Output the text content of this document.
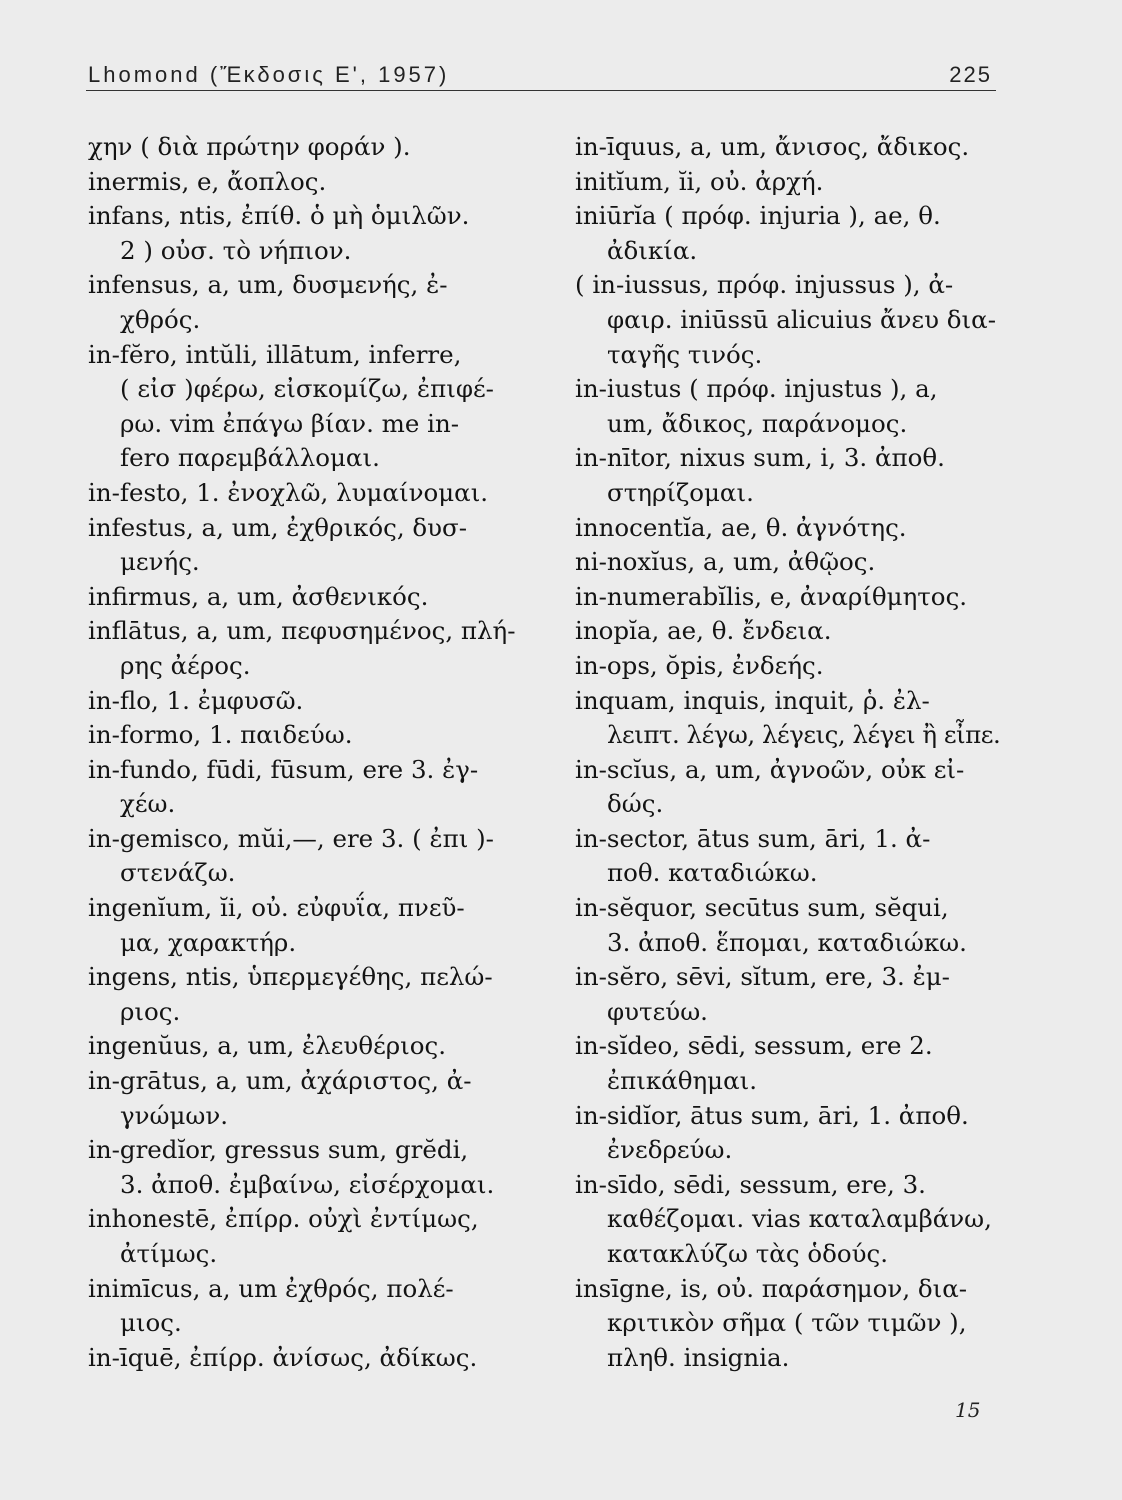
Lhomond (Ἔκδοσις Ε', 1957)	225
χην ( διὰ πρώτην φοράν ).
inermis, e, ἄοπλος.
infans, ntis, ἐπίθ. ὁ μὴ ὁμιλῶν.
2 ) οὐσ. τὸ νήπιον.
infensus, a, um, δυσμενής, ἐ-
χθρός.
in-fĕro, intŭli, illātum, inferre,
( εἰσ )φέρω, εἰσκομίζω, ἐπιφέ-
ρω. vim ἐπάγω βίαν. me in-
fero παρεμβάλλομαι.
in-festo, 1. ἐνοχλῶ, λυμαίνομαι.
infestus, a, um, ἐχθρικός, δυσ-
μενής.
infirmus, a, um, ἀσθενικός.
inflātus, a, um, πεφυσημένος, πλή-
ρης ἀέρος.
in-flo, 1. ἐμφυσῶ.
in-formo, 1. παιδεύω.
in-fundo, fūdi, fūsum, ere 3. ἐγ-
χέω.
in-gemisco, mŭi,—, ere 3. ( ἐπι )-
στενάζω.
ingenĭum, ĭi, οὐ. εὐφυΐα, πνεῦ-
μα, χαρακτήρ.
ingens, ntis, ὑπερμεγέθης, πελώ-
ριος.
ingenŭus, a, um, ἐλευθέριος.
in-grātus, a, um, ἀχάριστος, ἀ-
γνώμων.
in-gredĭor, gressus sum, grĕdi,
3. ἀποθ. ἐμβαίνω, εἰσέρχομαι.
inhonestē, ἐπίρρ. οὐχὶ ἐντίμως,
ἀτίμως.
inimīcus, a, um ἐχθρός, πολέ-
μιος.
in-īquē, ἐπίρρ. ἀνίσως, ἀδίκως.
in-īquus, a, um, ἄνισος, ἄδικος.
initĭum, ĭi, οὐ. ἀρχή.
iniūrĭa ( πρόφ. injuria ), ae, θ.
ἀδικία.
( in-iussus, πρόφ. injussus ), ἀ-
φαιρ. iniūssū alicuius ἄνευ δια-
ταγῆς τινός.
in-iustus ( πρόφ. injustus ), a,
um, ἄδικος, παράνομος.
in-nītor, nixus sum, i, 3. ἀποθ.
στηρίζομαι.
innocentĭa, ae, θ. ἀγνότης.
ni-noxĭus, a, um, ἀθῷος.
in-numerabĭlis, e, ἀναρίθμητος.
inopĭa, ae, θ. ἔνδεια.
in-ops, ŏpis, ἐνδεής.
inquam, inquis, inquit, ῥ. ἐλ-
λειπτ. λέγω, λέγεις, λέγει ἢ εἶπε.
in-scĭus, a, um, ἀγνοῶν, οὐκ εἰ-
δώς.
in-sector, ātus sum, āri, 1. ἀ-
ποθ. καταδιώκω.
in-sĕquor, secūtus sum, sĕqui,
3. ἀποθ. ἕπομαι, καταδιώκω.
in-sĕro, sēvi, sĭtum, ere, 3. ἐμ-
φυτεύω.
in-sĭdeo, sēdi, sessum, ere 2.
ἐπικάθημαι.
in-sidĭor, ātus sum, āri, 1. ἀποθ.
ἐνεδρεύω.
in-sīdo, sēdi, sessum, ere, 3.
καθέζομαι. vias καταλαμβάνω,
κατακλύζω τὰς ὁδούς.
insīgne, is, οὐ. παράσημον, δια-
κριτικὸν σῆμα ( τῶν τιμῶν ),
πληθ. insignia.
15
